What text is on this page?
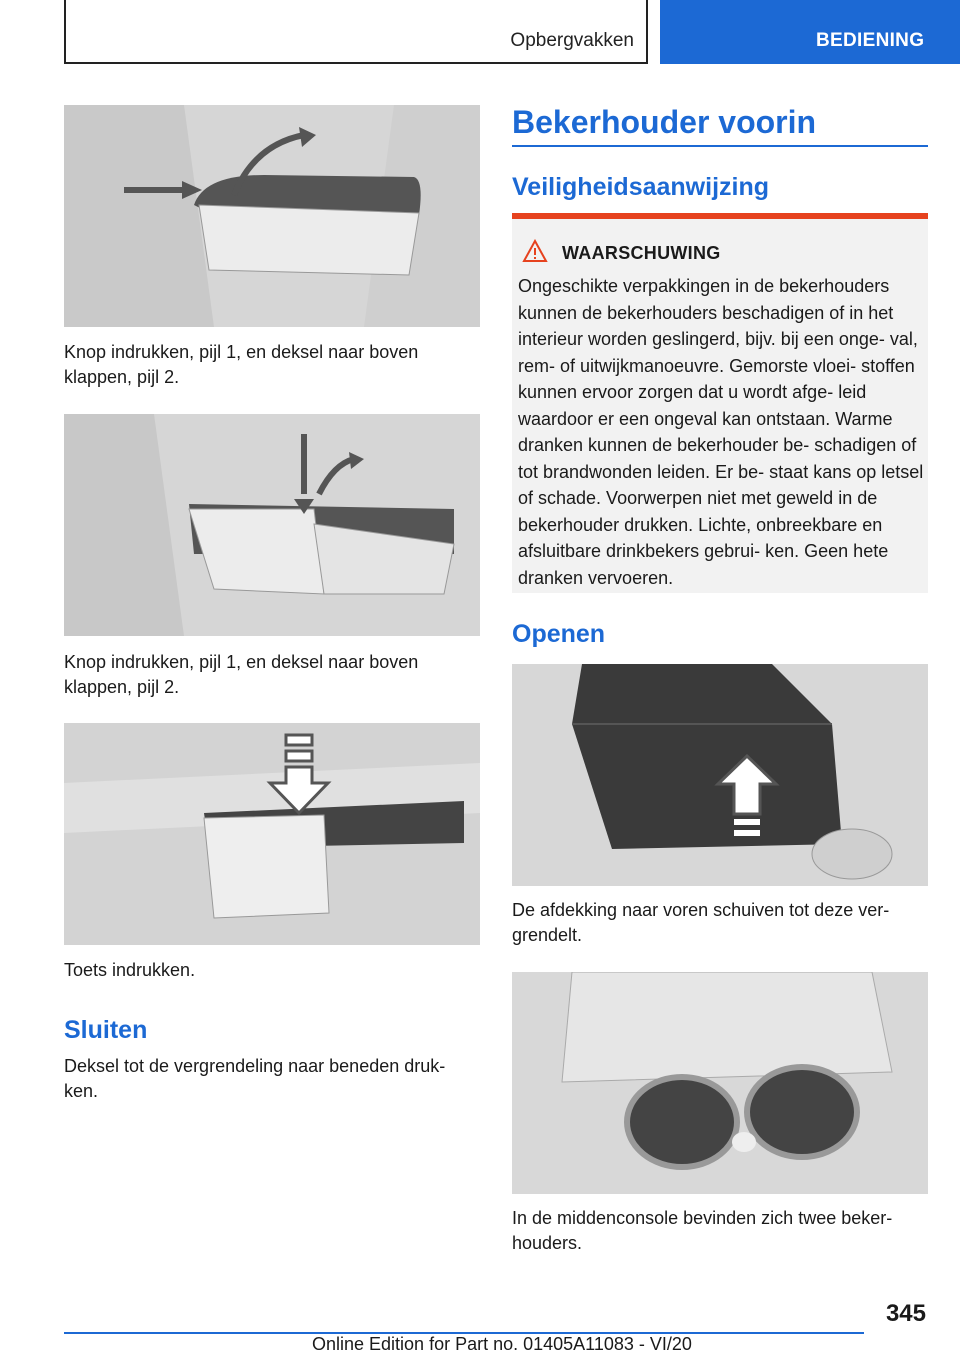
Opbergvakken	BEDIENING
Knop indrukken, pijl 1, en deksel naar boven klappen, pijl 2.
Knop indrukken, pijl 1, en deksel naar boven klappen, pijl 2.
Toets indrukken.
Sluiten
Deksel tot de vergrendeling naar beneden druk- ken.
Bekerhouder voorin
Veiligheidsaanwijzing
WAARSCHUWING
Ongeschikte verpakkingen in de bekerhouders kunnen de bekerhouders beschadigen of in het interieur worden geslingerd, bijv. bij een onge- val, rem- of uitwijkmanoeuvre. Gemorste vloei- stoffen kunnen ervoor zorgen dat u wordt afge- leid waardoor er een ongeval kan ontstaan. Warme dranken kunnen de bekerhouder be- schadigen of tot brandwonden leiden. Er be- staat kans op letsel of schade. Voorwerpen niet met geweld in de bekerhouder drukken. Lichte, onbreekbare en afsluitbare drinkbekers gebrui- ken. Geen hete dranken vervoeren.
Openen
De afdekking naar voren schuiven tot deze ver- grendelt.
In de middenconsole bevinden zich twee beker- houders.
345
Online Edition for Part no. 01405A11083 - VI/20
